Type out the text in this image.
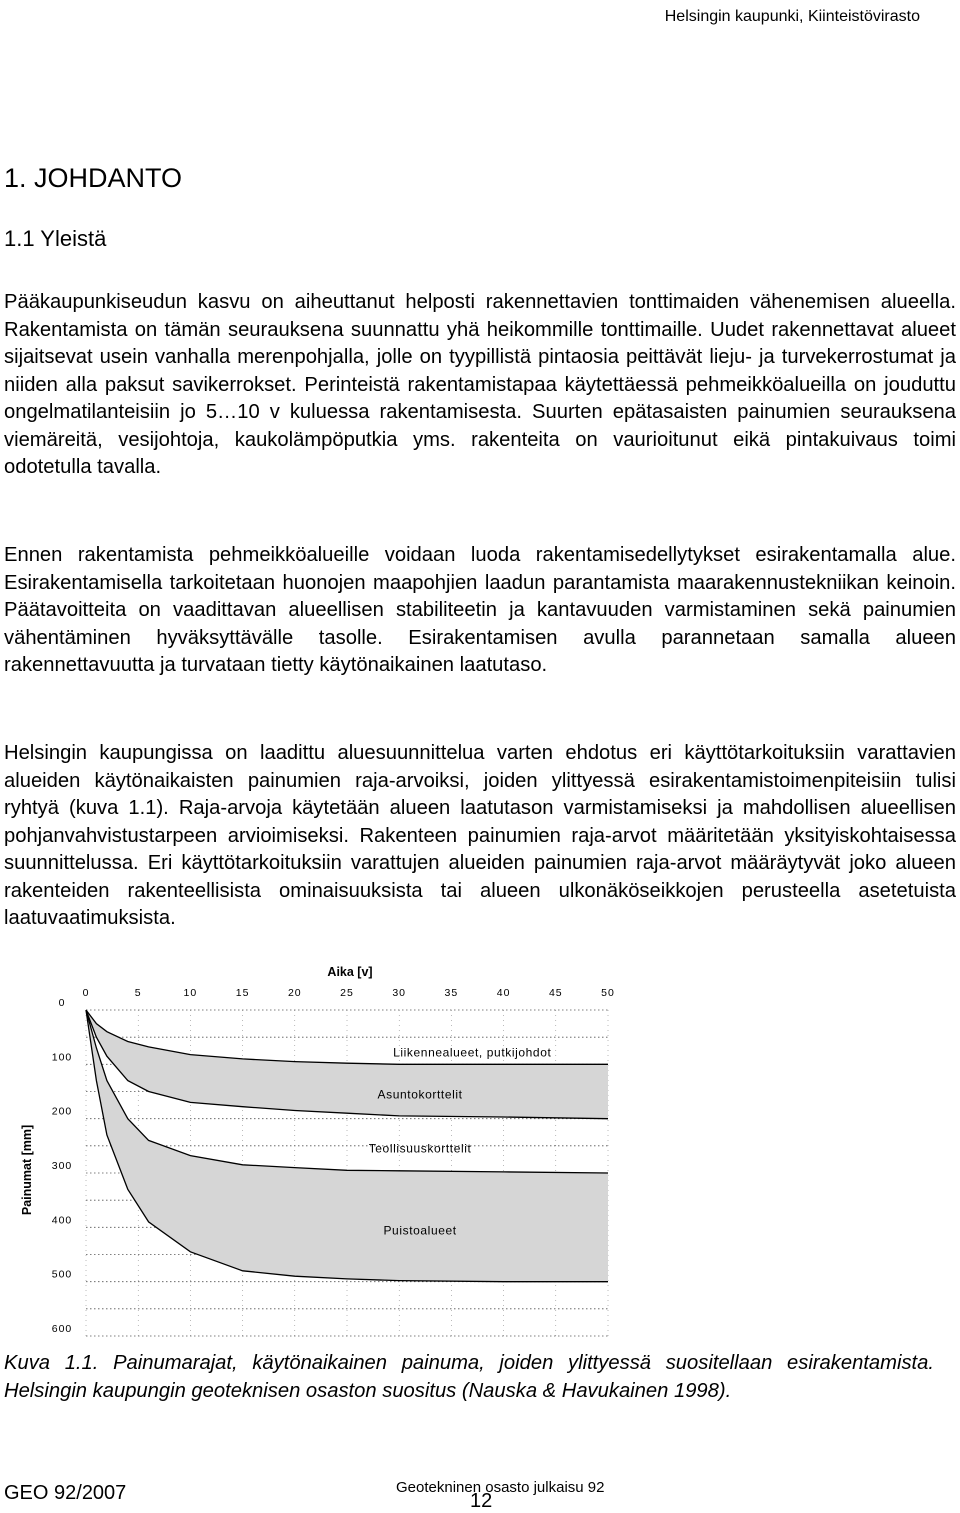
Helsingin kaupunki, Kiinteistövirasto
1. JOHDANTO
1.1 Yleistä

Pääkaupunkiseudun kasvu on aiheuttanut helposti rakennettavien tonttimaiden vähenemisen alueella. Rakentamista on tämän seurauksena suunnattu yhä heikommille tonttimaille. Uudet rakennettavat alueet sijaitsevat usein vanhalla merenpohjalla, jolle on tyypillistä pintaosia peittävät lieju- ja turvekerrostumat ja niiden alla paksut savikerrokset. Perinteistä rakentamistapaa käytettäessä pehmeikköalueilla on jouduttu ongelmatilanteisiin jo 5…10 v kuluessa rakentamisesta. Suurten epätasaisten painumien seurauksena viemäreitä, vesijohtoja, kaukolämpöputkia yms. rakenteita on vaurioitunut eikä pintakuivaus toimi odotetulla tavalla.

Ennen rakentamista pehmeikköalueille voidaan luoda rakentamisedellytykset esirakentamalla alue. Esirakentamisella tarkoitetaan huonojen maapohjien laadun parantamista maarakennustekniikan keinoin. Päätavoitteita on vaadittavan alueellisen stabiliteetin ja kantavuuden varmistaminen sekä painumien vähentäminen hyväksyttävälle tasolle. Esirakentamisen avulla parannetaan samalla alueen rakennettavuutta ja turvataan tietty käytönaikainen laatutaso.

Helsingin kaupungissa on laadittu aluesuunnittelua varten ehdotus eri käyttötarkoituksiin varattavien alueiden käytönaikaisten painumien raja-arvoiksi, joiden ylittyessä esirakentamistoimenpiteisiin tulisi ryhtyä (kuva 1.1). Raja-arvoja käytetään alueen laatutason varmistamiseksi ja mahdollisen alueellisen pohjanvahvistustarpeen arvioimiseksi. Rakenteen painumien raja-arvot määritetään yksityiskohtaisessa suunnittelussa. Eri käyttötarkoituksiin varattujen alueiden painumien raja-arvot määräytyvät joko alueen rakenteiden rakenteellisista ominaisuuksista tai alueen ulkonäköseikkojen perusteella asetetuista laatuvaatimuksista.

Aika [v]
Painumat [mm]
0	5	10	15	20	25	30	35	40	45	50
0
100
200
300
400
500
600
Liikennealueet, putkijohdot
Asuntokorttelit
Teollisuuskorttelit
Puistoalueet

Kuva 1.1. Painumarajat, käytönaikainen painuma, joiden ylittyessä suositellaan esirakentamista. Helsingin kaupungin geoteknisen osaston suositus (Nauska & Havukainen 1998).

GEO 92/2007	Geotekninen osasto julkaisu 92
12
